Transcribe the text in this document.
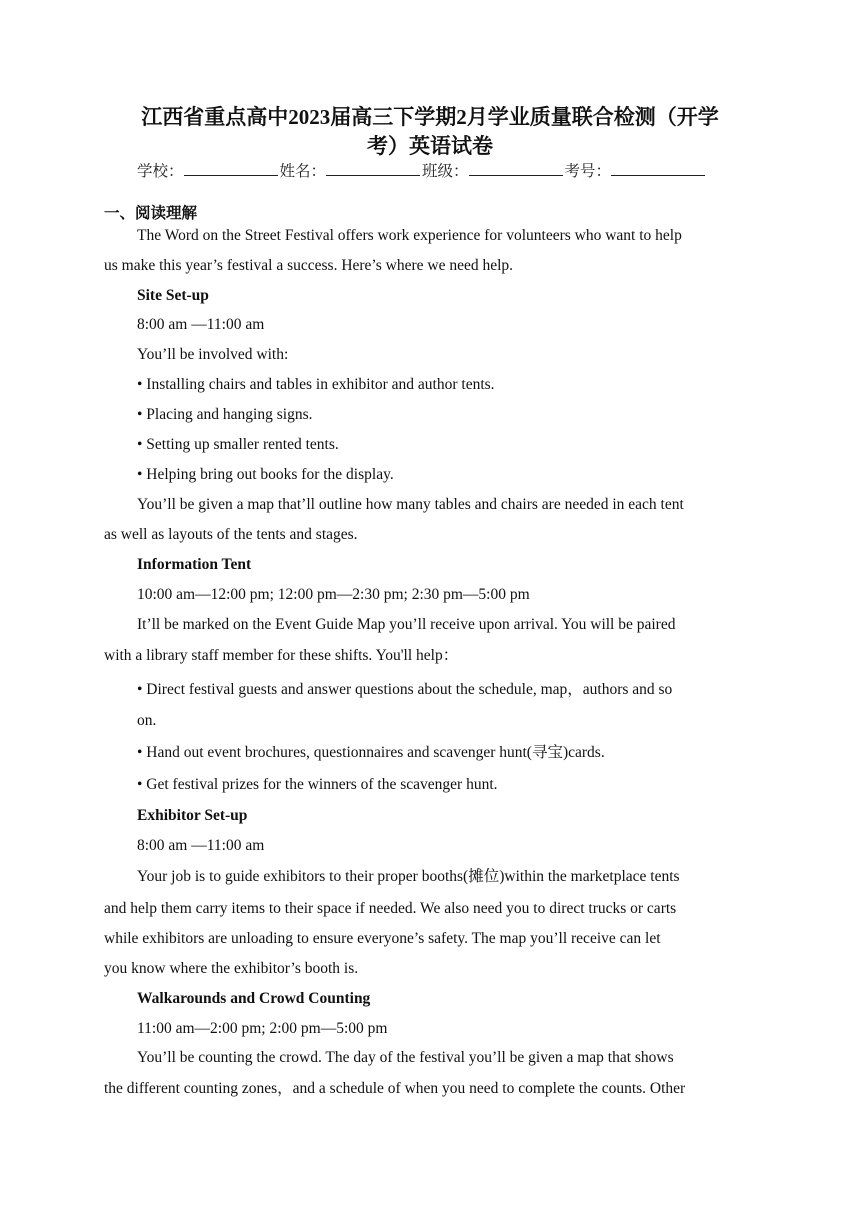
江西省重点高中2023届高三下学期2月学业质量联合检测（开学
考）英语试卷
学校：	姓名：	班级：	考号：
一、阅读理解
The Word on the Street Festival offers work experience for volunteers who want to help
us make this year’s festival a success. Here’s where we need help.
Site Set-up
8:00 am —11:00 am
You’ll be involved with:
• Installing chairs and tables in exhibitor and author tents.
• Placing and hanging signs.
• Setting up smaller rented tents.
• Helping bring out books for the display.
You’ll be given a map that’ll outline how many tables and chairs are needed in each tent
as well as layouts of the tents and stages.
Information Tent
10:00 am—12:00 pm; 12:00 pm—2:30 pm; 2:30 pm—5:00 pm
It’ll be marked on the Event Guide Map you’ll receive upon arrival. You will be paired
with a library staff member for these shifts. You'll help：
• Direct festival guests and answer questions about the schedule, map，authors and so
on.
• Hand out event brochures, questionnaires and scavenger hunt(寻宝)cards.
• Get festival prizes for the winners of the scavenger hunt.
Exhibitor Set-up
8:00 am —11:00 am
Your job is to guide exhibitors to their proper booths(摊位)within the marketplace tents
and help them carry items to their space if needed. We also need you to direct trucks or carts
while exhibitors are unloading to ensure everyone’s safety. The map you’ll receive can let
you know where the exhibitor’s booth is.
Walkarounds and Crowd Counting
11:00 am—2:00 pm; 2:00 pm—5:00 pm
You’ll be counting the crowd. The day of the festival you’ll be given a map that shows
the different counting zones，and a schedule of when you need to complete the counts. Other
